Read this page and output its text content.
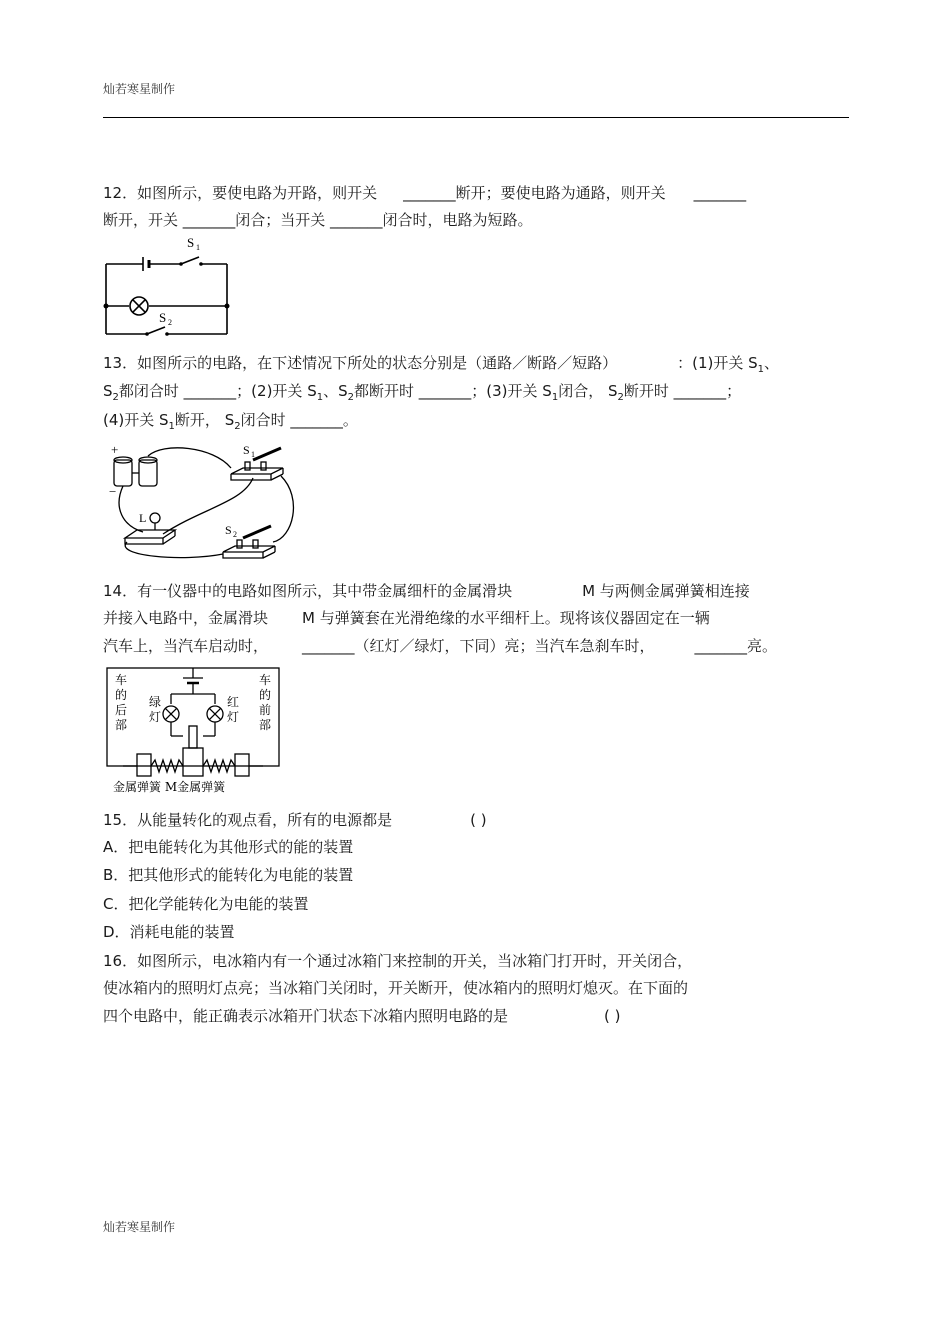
灿若寒星制作
12．如图所示，要使电路为开路，则开关 _______断开；要使电路为通路，则开关 _______
断开，开关 _______闭合；当开关 _______闭合时，电路为短路。
S 1
S 2
13．如图所示的电路，在下述情况下所处的状态分别是（通路／断路／短路）	：(1)开关 $S_1$、
$S_2$都闭合时 _______；(2)开关 $S_1$、$S_2$都断开时 _______；(3)开关 $S_1$闭合， $S_2$断开时 _______；
(4)开关 $S_1$断开， $S_2$闭合时 _______。
+
−
S 1
L
S 2
14．有一仪器中的电路如图所示，其中带金属细杆的金属滑块	M 与两侧金属弹簧相连接
并接入电路中，金属滑块 M 与弹簧套在光滑绝缘的水平细杆上。现将该仪器固定在一辆
汽车上，当汽车启动时， _______（红灯／绿灯，下同）亮；当汽车急刹车时，	_______亮。
车
的
后
部
车
的
前
部
绿
灯
红
灯
金属弹簧 M金属弹簧
15．从能量转化的观点看，所有的电源都是	( )
A．把电能转化为其他形式的能的装置
B．把其他形式的能转化为电能的装置
C．把化学能转化为电能的装置
D．消耗电能的装置
16．如图所示，电冰箱内有一个通过冰箱门来控制的开关，当冰箱门打开时，开关闭合，
使冰箱内的照明灯点亮；当冰箱门关闭时，开关断开，使冰箱内的照明灯熄灭。在下面的
四个电路中，能正确表示冰箱开门状态下冰箱内照明电路的是	( )
灿若寒星制作
